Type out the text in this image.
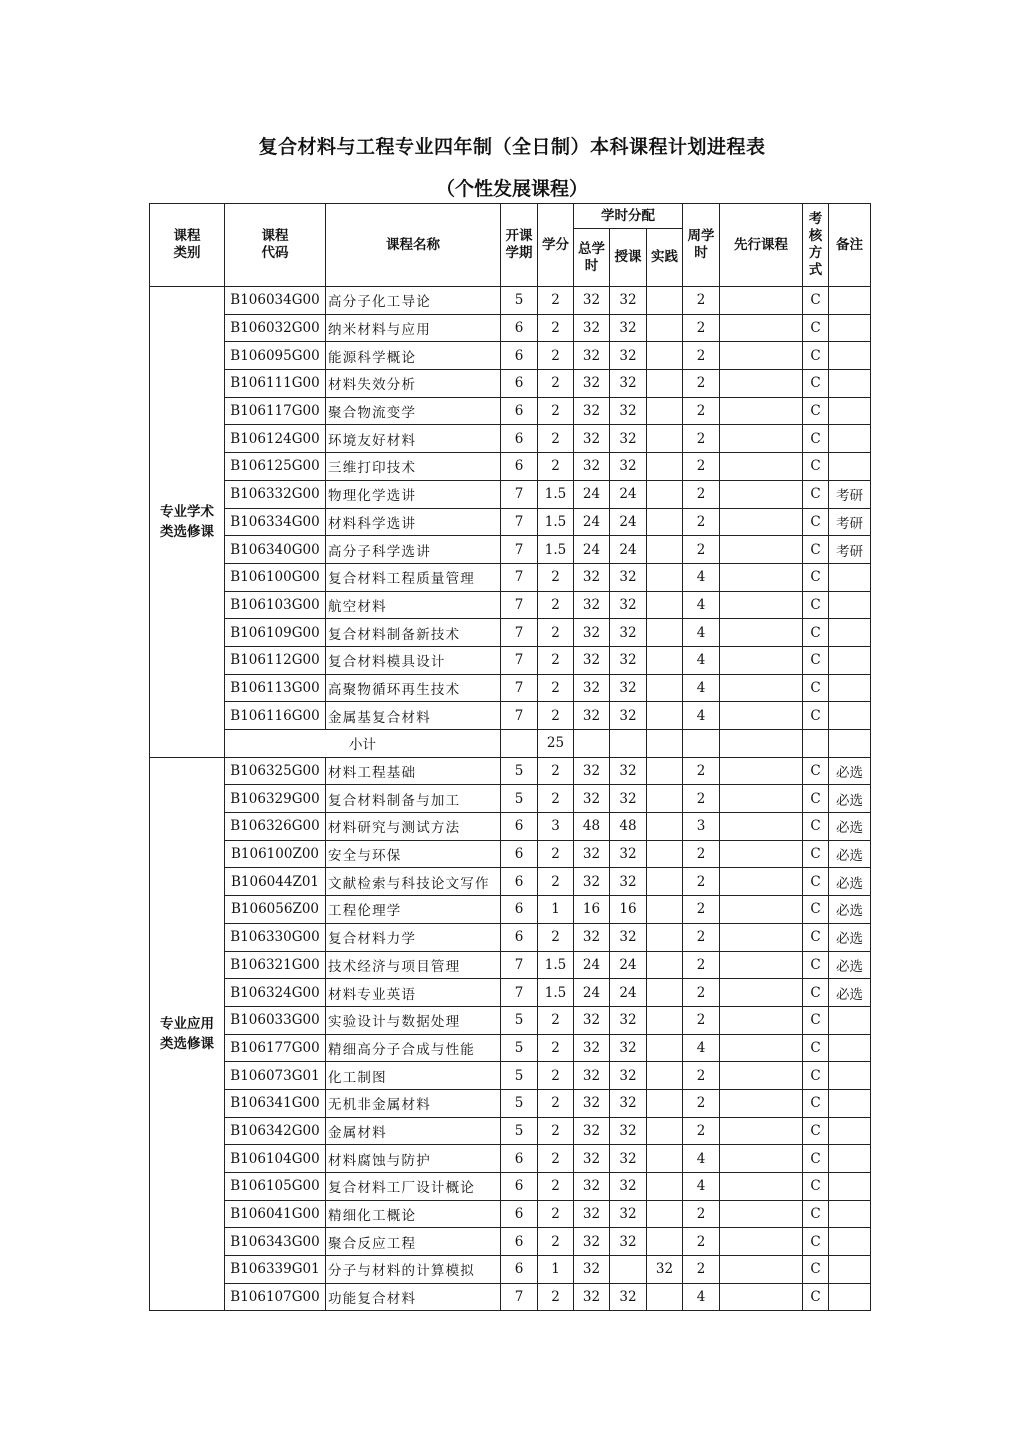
复合材料与工程专业四年制（全日制）本科课程计划进程表
（个性发展课程）
课程类别	课程代码	课程名称	开课学期	学分	学时分配			周学时	先行课程	考核方式	备注

					总学时	授课	实践				

专业学术类选修课	B106034G00	高分子化工导论	5	2	32	32		2		C	
	B106032G00	纳米材料与应用	6	2	32	32		2		C	
	B106095G00	能源科学概论	6	2	32	32		2		C	
	B106111G00	材料失效分析	6	2	32	32		2		C	
	B106117G00	聚合物流变学	6	2	32	32		2		C	
	B106124G00	环境友好材料	6	2	32	32		2		C	
	B106125G00	三维打印技术	6	2	32	32		2		C	
	B106332G00	物理化学选讲	7	1.5	24	24		2		C	考研
	B106334G00	材料科学选讲	7	1.5	24	24		2		C	考研
	B106340G00	高分子科学选讲	7	1.5	24	24		2		C	考研
	B106100G00	复合材料工程质量管理	7	2	32	32		4		C	
	B106103G00	航空材料	7	2	32	32		4		C	
	B106109G00	复合材料制备新技术	7	2	32	32		4		C	
	B106112G00	复合材料模具设计	7	2	32	32		4		C	
	B106113G00	高聚物循环再生技术	7	2	32	32		4		C	
	B106116G00	金属基复合材料	7	2	32	32		4		C	
	小计			25							

专业应用类选修课	B106325G00	材料工程基础	5	2	32	32		2		C	必选
	B106329G00	复合材料制备与加工	5	2	32	32		2		C	必选
	B106326G00	材料研究与测试方法	6	3	48	48		3		C	必选
	B106100Z00	安全与环保	6	2	32	32		2		C	必选
	B106044Z01	文献检索与科技论文写作	6	2	32	32		2		C	必选
	B106056Z00	工程伦理学	6	1	16	16		2		C	必选
	B106330G00	复合材料力学	6	2	32	32		2		C	必选
	B106321G00	技术经济与项目管理	7	1.5	24	24		2		C	必选
	B106324G00	材料专业英语	7	1.5	24	24		2		C	必选
	B106033G00	实验设计与数据处理	5	2	32	32		2		C	
	B106177G00	精细高分子合成与性能	5	2	32	32		4		C	
	B106073G01	化工制图	5	2	32	32		2		C	
	B106341G00	无机非金属材料	5	2	32	32		2		C	
	B106342G00	金属材料	5	2	32	32		2		C	
	B106104G00	材料腐蚀与防护	6	2	32	32		4		C	
	B106105G00	复合材料工厂设计概论	6	2	32	32		4		C	
	B106041G00	精细化工概论	6	2	32	32		2		C	
	B106343G00	聚合反应工程	6	2	32	32		2		C	
	B106339G01	分子与材料的计算模拟	6	1	32		32	2		C	
	B106107G00	功能复合材料	7	2	32	32		4		C	
